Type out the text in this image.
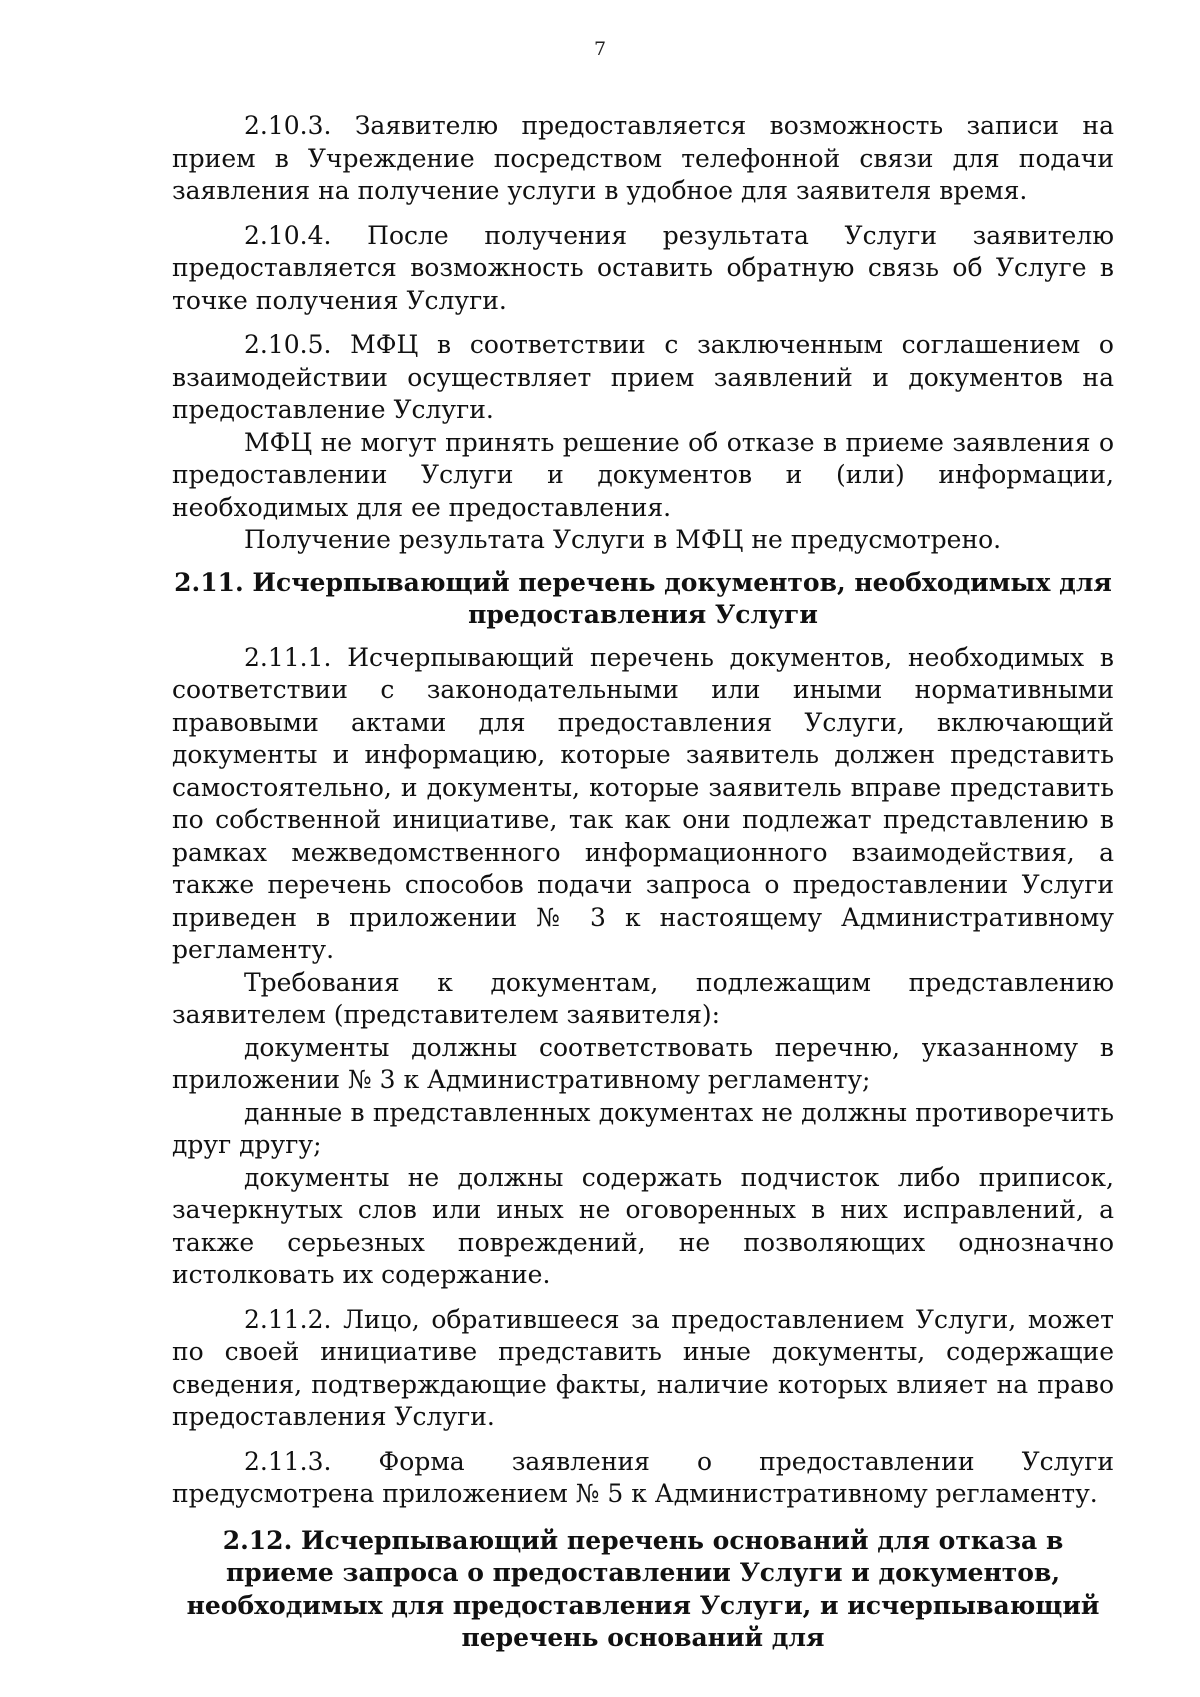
7

2.10.3. Заявителю предоставляется возможность записи на прием в Учреждение посредством телефонной связи для подачи заявления на получение услуги в удобное для заявителя время.

2.10.4. После получения результата Услуги заявителю предоставляется возможность оставить обратную связь об Услуге в точке получения Услуги.

2.10.5. МФЦ в соответствии с заключенным соглашением о взаимодействии осуществляет прием заявлений и документов на предоставление Услуги.

МФЦ не могут принять решение об отказе в приеме заявления о предоставлении Услуги и документов и (или) информации, необходимых для ее предоставления.

Получение результата Услуги в МФЦ не предусмотрено.

2.11. Исчерпывающий перечень документов, необходимых для предоставления Услуги

2.11.1. Исчерпывающий перечень документов, необходимых в соответствии с законодательными или иными нормативными правовыми актами для предоставления Услуги, включающий документы и информацию, которые заявитель должен представить самостоятельно, и документы, которые заявитель вправе представить по собственной инициативе, так как они подлежат представлению в рамках межведомственного информационного взаимодействия, а также перечень способов подачи запроса о предоставлении Услуги приведен в приложении № 3 к настоящему Административному регламенту.

Требования к документам, подлежащим представлению заявителем (представителем заявителя):

документы должны соответствовать перечню, указанному в приложении № 3 к Административному регламенту;

данные в представленных документах не должны противоречить друг другу;

документы не должны содержать подчисток либо приписок, зачеркнутых слов или иных не оговоренных в них исправлений, а также серьезных повреждений, не позволяющих однозначно истолковать их содержание.

2.11.2. Лицо, обратившееся за предоставлением Услуги, может по своей инициативе представить иные документы, содержащие сведения, подтверждающие факты, наличие которых влияет на право предоставления Услуги.

2.11.3. Форма заявления о предоставлении Услуги предусмотрена приложением № 5 к Административному регламенту.

2.12. Исчерпывающий перечень оснований для отказа в приеме запроса о предоставлении Услуги и документов, необходимых для предоставления Услуги, и исчерпывающий перечень оснований для
